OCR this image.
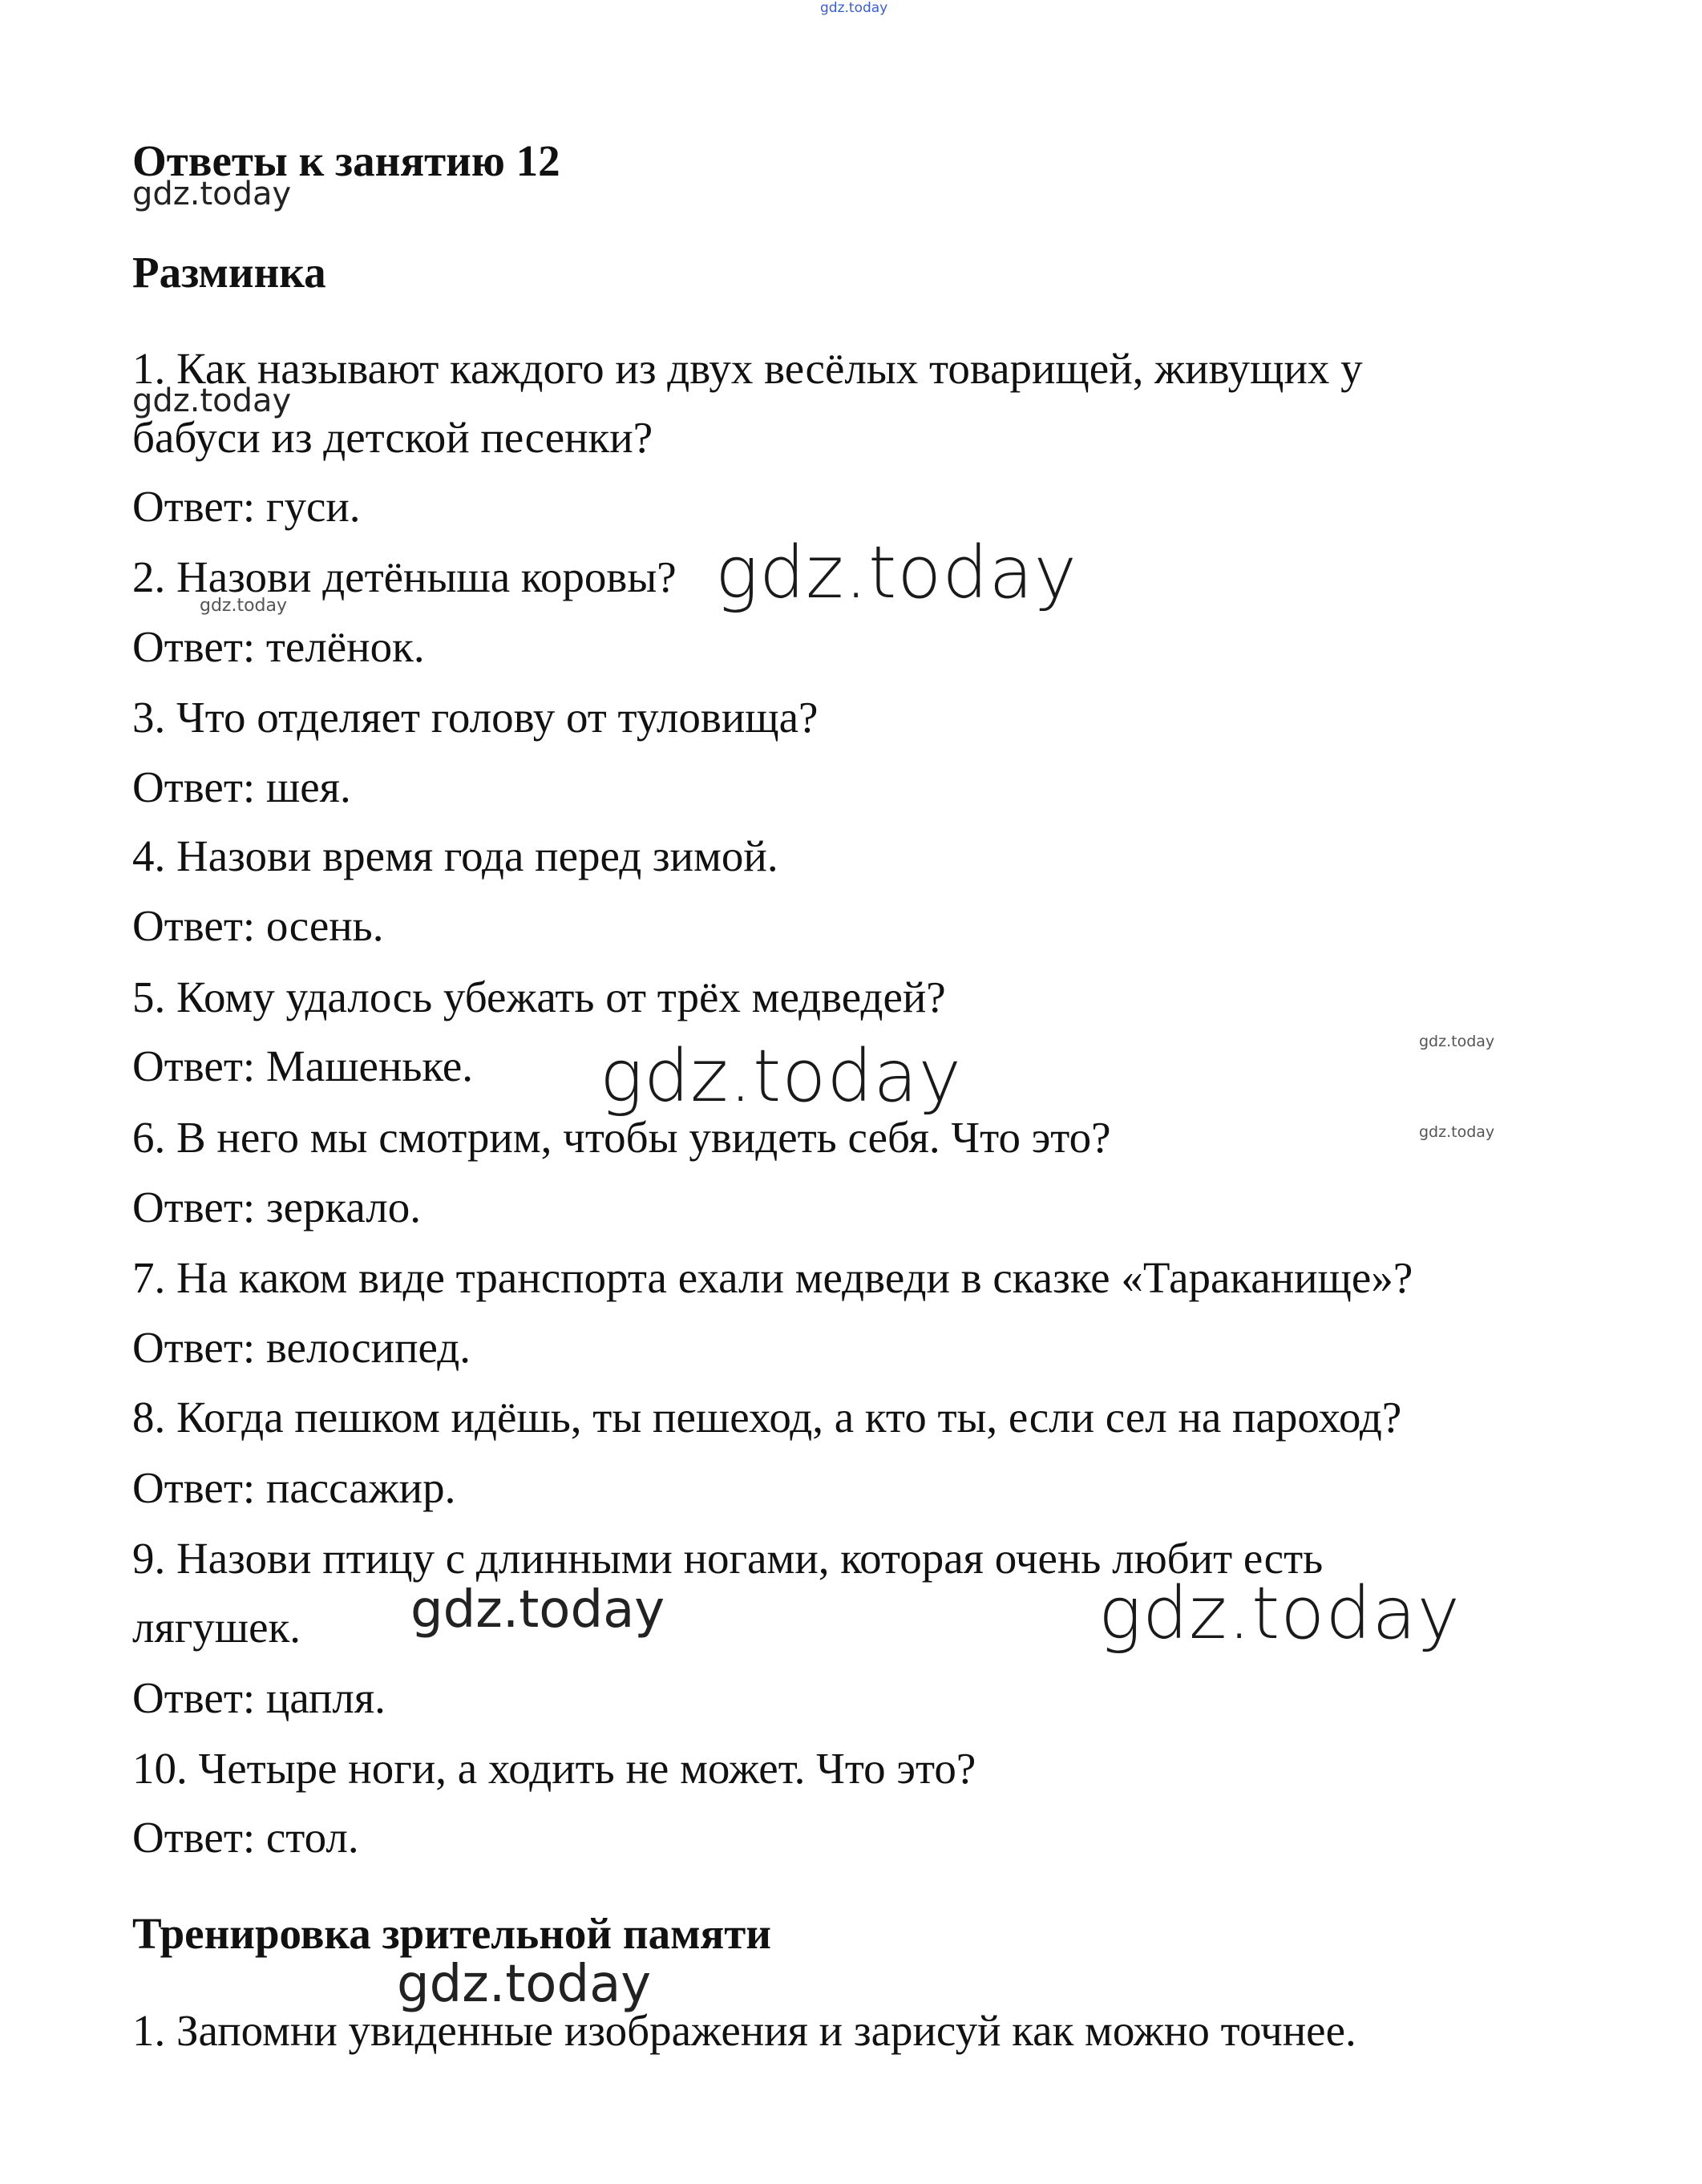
gdz.today
gdz.today
gdz.today
gdz.today	gdz.today
gdz.today
gdz.today
gdz.today
gdz.today	gdz.today
gdz.today
Ответы к занятию 12
Разминка
1. Как называют каждого из двух весёлых товарищей, живущих у
бабуси из детской песенки?
Ответ: гуси.
2. Назови детёныша коровы?
Ответ: телёнок.
3. Что отделяет голову от туловища?
Ответ: шея.
4. Назови время года перед зимой.
Ответ: осень.
5. Кому удалось убежать от трёх медведей?
Ответ: Машеньке.
6. В него мы смотрим, чтобы увидеть себя. Что это?
Ответ: зеркало.
7. На каком виде транспорта ехали медведи в сказке «Тараканище»?
Ответ: велосипед.
8. Когда пешком идёшь, ты пешеход, а кто ты, если сел на пароход?
Ответ: пассажир.
9. Назови птицу с длинными ногами, которая очень любит есть
лягушек.
Ответ: цапля.
10. Четыре ноги, а ходить не может. Что это?
Ответ: стол.
Тренировка зрительной памяти
1. Запомни увиденные изображения и зарисуй как можно точнее.
